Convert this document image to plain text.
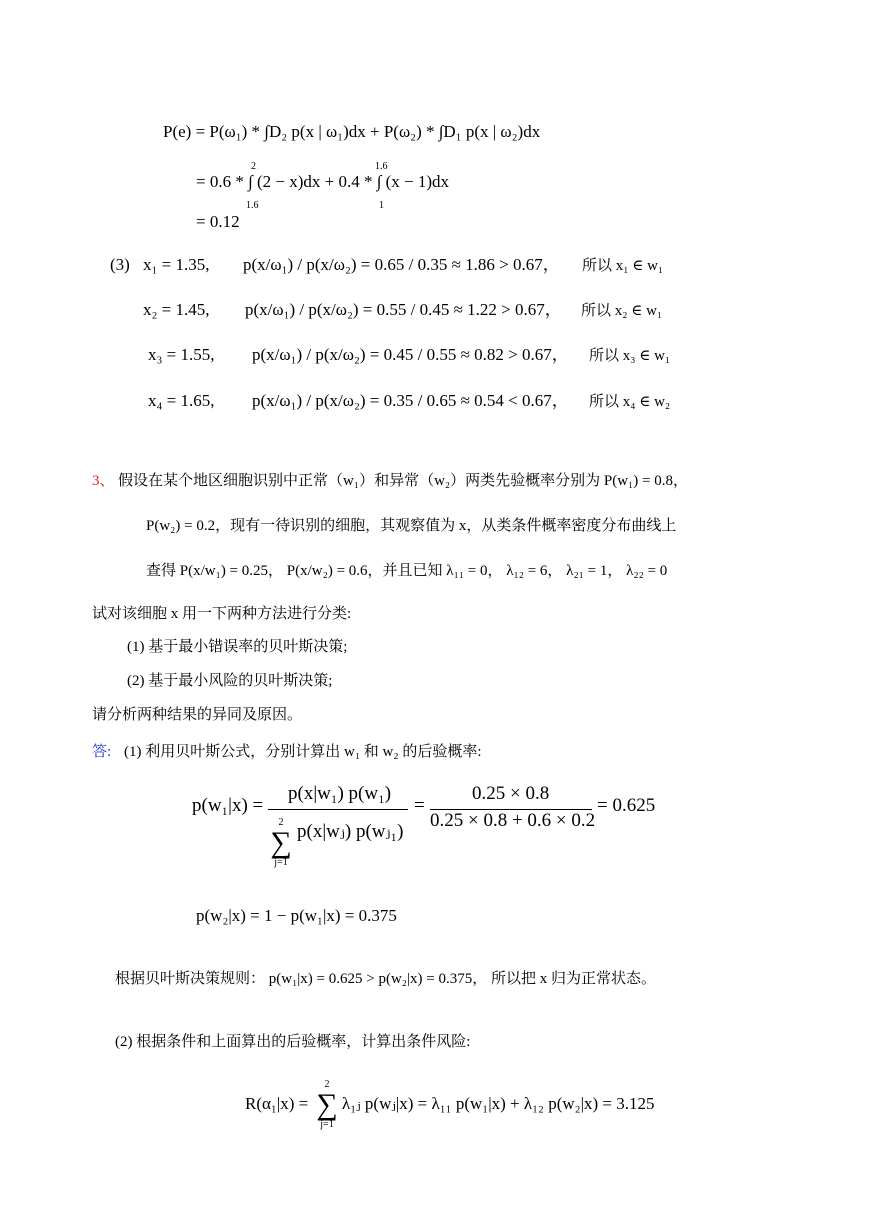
P(e) = P(ω₁) * ∫D₂ p(x | ω₁)dx + P(ω₂) * ∫D₁ p(x | ω₂)dx
= 0.6 * ∫ (2 − x)dx + 0.4 * ∫ (x − 1)dx
2
1.6
1.6
1
= 0.12
(3) x₁ = 1.35, p(x/ω₁) / p(x/ω₂) = 0.65 / 0.35 ≈ 1.86 > 0.67， 所以 x₁ ∈ w₁
x₂ = 1.45, p(x/ω₁) / p(x/ω₂) = 0.55 / 0.45 ≈ 1.22 > 0.67， 所以 x₂ ∈ w₁
x₃ = 1.55, p(x/ω₁) / p(x/ω₂) = 0.45 / 0.55 ≈ 0.82 > 0.67， 所以 x₃ ∈ w₁
x₄ = 1.65, p(x/ω₁) / p(x/ω₂) = 0.35 / 0.65 ≈ 0.54 < 0.67， 所以 x₄ ∈ w₂
3、 假设在某个地区细胞识别中正常（w₁）和异常（w₂）两类先验概率分别为 P(w₁) = 0.8，
P(w₂) = 0.2，现有一待识别的细胞，其观察值为 x，从类条件概率密度分布曲线上
查得 P(x/w₁) = 0.25， P(x/w₂) = 0.6，并且已知 λ₁₁ = 0， λ₁₂ = 6， λ₂₁ = 1， λ₂₂ = 0
试对该细胞 x 用一下两种方法进行分类:
(1) 基于最小错误率的贝叶斯决策;
(2) 基于最小风险的贝叶斯决策;
请分析两种结果的异同及原因。
答: (1) 利用贝叶斯公式，分别计算出 w₁ 和 w₂ 的后验概率:
p(w₁|x) =
p(x|w₁) p(w₁)
2
∑
j=1
p(x|wⱼ) p(wⱼ₁)
=
0.25 × 0.8
0.25 × 0.8 + 0.6 × 0.2
= 0.625
p(w₂|x) = 1 − p(w₁|x) = 0.375
根据贝叶斯决策规则： p(w₁|x) = 0.625 > p(w₂|x) = 0.375， 所以把 x 归为正常状态。
(2) 根据条件和上面算出的后验概率，计算出条件风险:
R(α₁|x) =
2
∑
j=1
λ₁ⱼ p(wⱼ|x) = λ₁₁ p(w₁|x) + λ₁₂ p(w₂|x) = 3.125
